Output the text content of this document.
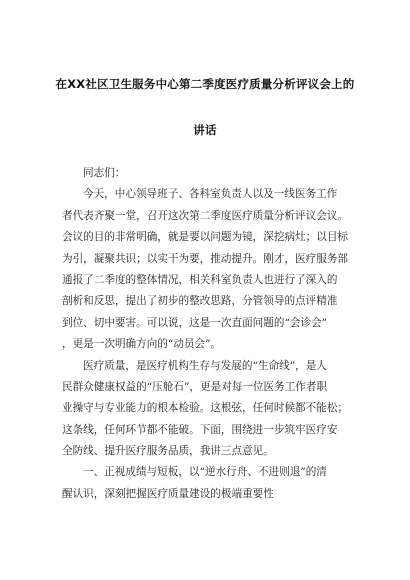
在XX社区卫生服务中心第二季度医疗质量分析评议会上的
讲话
同志们：
今天，中心领导班子、各科室负责人以及一线医务工作
者代表齐聚一堂，召开这次第二季度医疗质量分析评议会议。
会议的目的非常明确，就是要以问题为镜，深挖病灶；以目标
为引，凝聚共识；以实干为要，推动提升。刚才，医疗服务部
通报了二季度的整体情况，相关科室负责人也进行了深入的
剖析和反思，提出了初步的整改思路，分管领导的点评精准
到位、切中要害。可以说，这是一次直面问题的“会诊会”
，更是一次明确方向的“动员会”。
医疗质量，是医疗机构生存与发展的“生命线”，是人
民群众健康权益的“压舱石”，更是对每一位医务工作者职
业操守与专业能力的根本检验。这根弦，任何时候都不能松；
这条线，任何环节都不能破。下面，围绕进一步筑牢医疗安
全防线、提升医疗服务品质，我讲三点意见。
一、正视成绩与短板，以“逆水行舟、不进则退”的清
醒认识，深刻把握医疗质量建设的极端重要性
